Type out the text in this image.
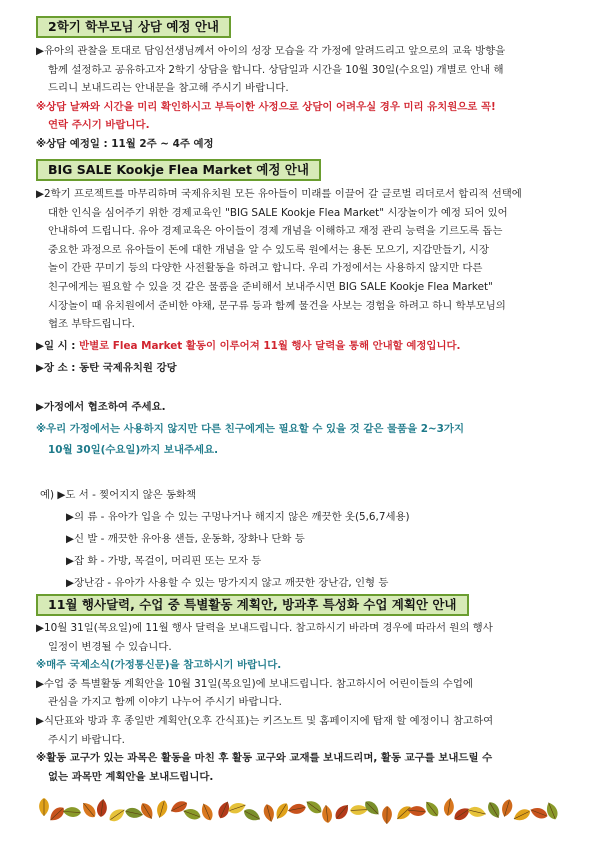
2학기 학부모님 상담 예정 안내

▶유아의 관찰을 토대로 담임선생님께서 아이의 성장 모습을 각 가정에 알려드리고 앞으로의 교육 방향을

함께 설정하고 공유하고자 2학기 상담을 합니다. 상담일과 시간을 10월 30일(수요일) 개별로 안내 해

드리니 보내드리는 안내문을 참고해 주시기 바랍니다.

※상담 날짜와 시간을 미리 확인하시고 부득이한 사정으로 상담이 어려우실 경우 미리 유치원으로 꼭!

연락 주시기 바랍니다.

※상담 예정일 : 11월 2주 ~ 4주 예정

BIG SALE Kookje Flea Market 예정 안내

▶2학기 프로젝트를 마무리하며 국제유치원 모든 유아들이 미래를 이끌어 갈 글로벌 리더로서 합리적 선택에

대한 인식을 심어주기 위한 경제교육인 "BIG SALE Kookje Flea Market" 시장놀이가 예정 되어 있어

안내하여 드립니다. 유아 경제교육은 아이들이 경제 개념을 이해하고 재정 관리 능력을 기르도록 돕는

중요한 과정으로 유아들이 돈에 대한 개념을 알 수 있도록 원에서는 용돈 모으기, 지갑만들기, 시장

놀이 간판 꾸미기 등의 다양한 사전활동을 하려고 합니다. 우리 가정에서는 사용하지 않지만 다른

친구에게는 필요할 수 있을 것 같은 물품을 준비해서 보내주시면 BIG SALE Kookje Flea Market"

시장놀이 때 유치원에서 준비한 야채, 문구류 등과 함께 물건을 사보는 경험을 하려고 하니 학부모님의

협조 부탁드립니다.

▶일 시 : 반별로 Flea Market 활동이 이루어져 11월 행사 달력을 통해 안내할 예정입니다.

▶장 소 : 동탄 국제유치원 강당

▶가정에서 협조하여 주세요.

※우리 가정에서는 사용하지 않지만 다른 친구에게는 필요할 수 있을 것 같은 물품을 2~3가지

10월 30일(수요일)까지 보내주세요.

예) ▶도 서 - 찢어지지 않은 동화책
▶의 류 - 유아가 입을 수 있는 구멍나거나 해지지 않은 깨끗한 옷(5,6,7세용)
▶신 발 - 깨끗한 유아용 샌들, 운동화, 장화나 단화 등
▶잡 화 - 가방, 목걸이, 머리핀 또는 모자 등
▶장난감 - 유아가 사용할 수 있는 망가지지 않고 깨끗한 장난감, 인형 등
11월 행사달력, 수업 중 특별활동 계획안, 방과후 특성화 수업 계획안 안내

▶10월 31일(목요일)에 11월 행사 달력을 보내드립니다. 참고하시기 바라며 경우에 따라서 원의 행사

일정이 변경될 수 있습니다.

※매주 국제소식(가정통신문)을 참고하시기 바랍니다.

▶수업 중 특별활동 계획안을 10월 31일(목요일)에 보내드립니다. 참고하시어 어린이들의 수업에

관심을 가지고 함께 이야기 나누어 주시기 바랍니다.

▶식단표와 방과 후 종일반 계획안(오후 간식표)는 키즈노트 및 홈페이지에 탑재 할 예정이니 참고하여

주시기 바랍니다.

※활동 교구가 있는 과목은 활동을 마친 후 활동 교구와 교재를 보내드리며, 활동 교구를 보내드릴 수

없는 과목만 계획안을 보내드립니다.
